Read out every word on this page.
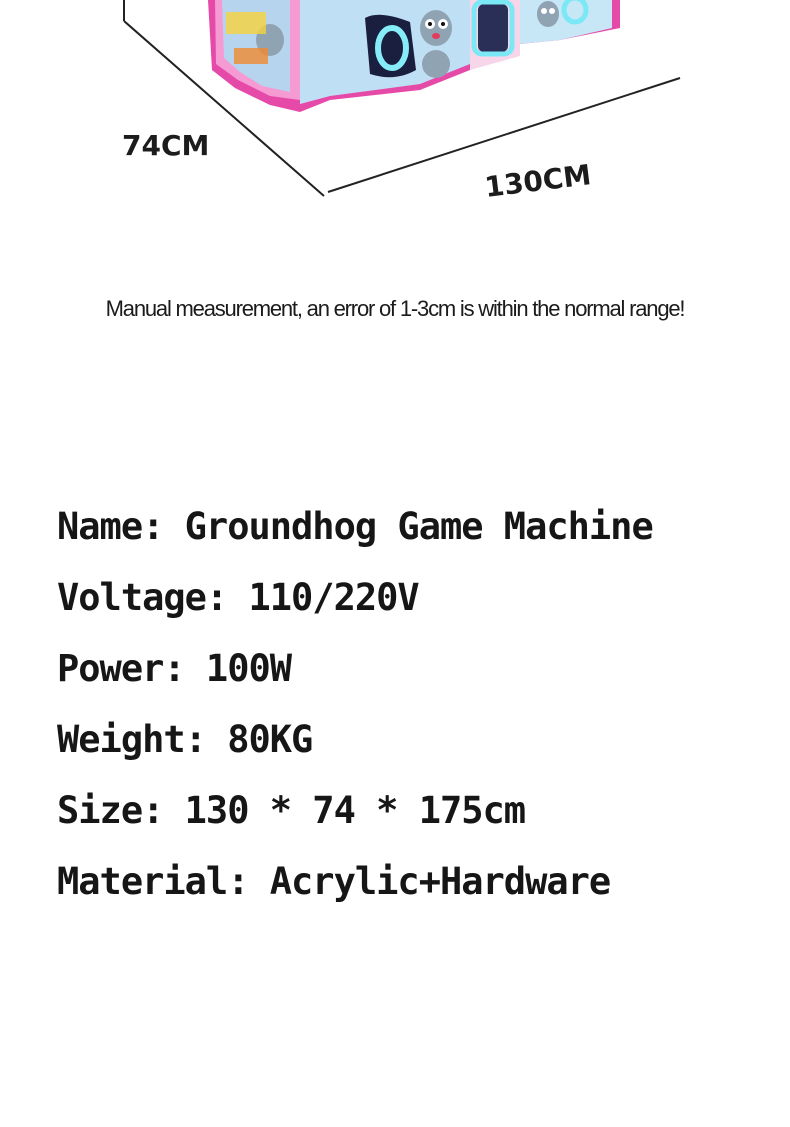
74CM
130CM
Manual measurement, an error of 1-3cm is within the normal range!

Name: Groundhog Game Machine

Voltage: 110/220V

Power: 100W

Weight: 80KG

Size: 130 * 74 * 175cm

Material: Acrylic+Hardware
